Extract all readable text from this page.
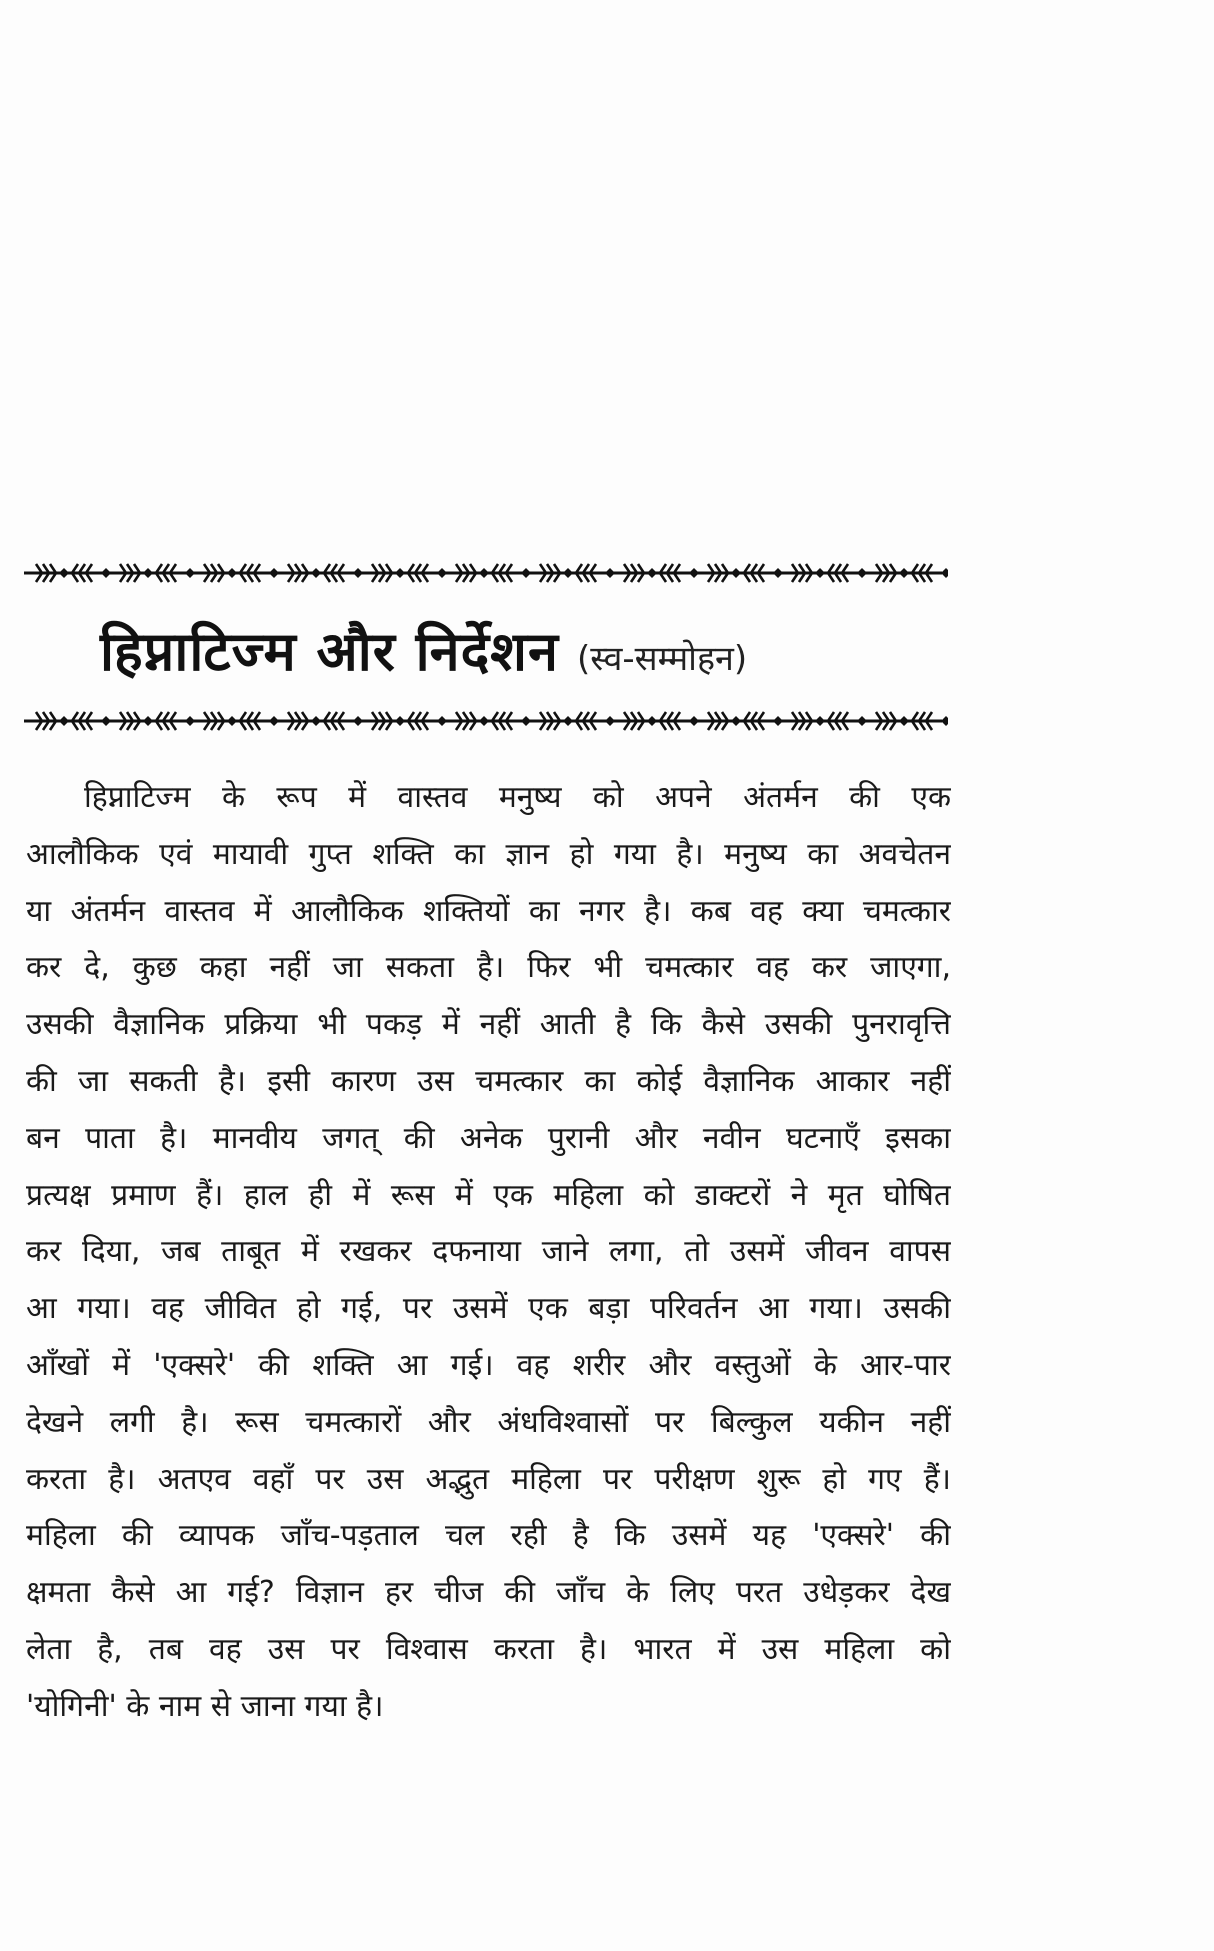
हिप्नाटिज्म और निर्देशन (स्व-सम्मोहन)
हिप्नाटिज्म के रूप में वास्तव मनुष्य को अपने अंतर्मन की एक
आलौकिक एवं मायावी गुप्त शक्ति का ज्ञान हो गया है। मनुष्य का अवचेतन
या अंतर्मन वास्तव में आलौकिक शक्तियों का नगर है। कब वह क्या चमत्कार
कर दे, कुछ कहा नहीं जा सकता है। फिर भी चमत्कार वह कर जाएगा,
उसकी वैज्ञानिक प्रक्रिया भी पकड़ में नहीं आती है कि कैसे उसकी पुनरावृत्ति
की जा सकती है। इसी कारण उस चमत्कार का कोई वैज्ञानिक आकार नहीं
बन पाता है। मानवीय जगत् की अनेक पुरानी और नवीन घटनाएँ इसका
प्रत्यक्ष प्रमाण हैं। हाल ही में रूस में एक महिला को डाक्टरों ने मृत घोषित
कर दिया, जब ताबूत में रखकर दफनाया जाने लगा, तो उसमें जीवन वापस
आ गया। वह जीवित हो गई, पर उसमें एक बड़ा परिवर्तन आ गया। उसकी
आँखों में 'एक्सरे' की शक्ति आ गई। वह शरीर और वस्तुओं के आर-पार
देखने लगी है। रूस चमत्कारों और अंधविश्वासों पर बिल्कुल यकीन नहीं
करता है। अतएव वहाँ पर उस अद्भुत महिला पर परीक्षण शुरू हो गए हैं।
महिला की व्यापक जाँच-पड़ताल चल रही है कि उसमें यह 'एक्सरे' की
क्षमता कैसे आ गई? विज्ञान हर चीज की जाँच के लिए परत उधेड़कर देख
लेता है, तब वह उस पर विश्वास करता है। भारत में उस महिला को
'योगिनी' के नाम से जाना गया है।
